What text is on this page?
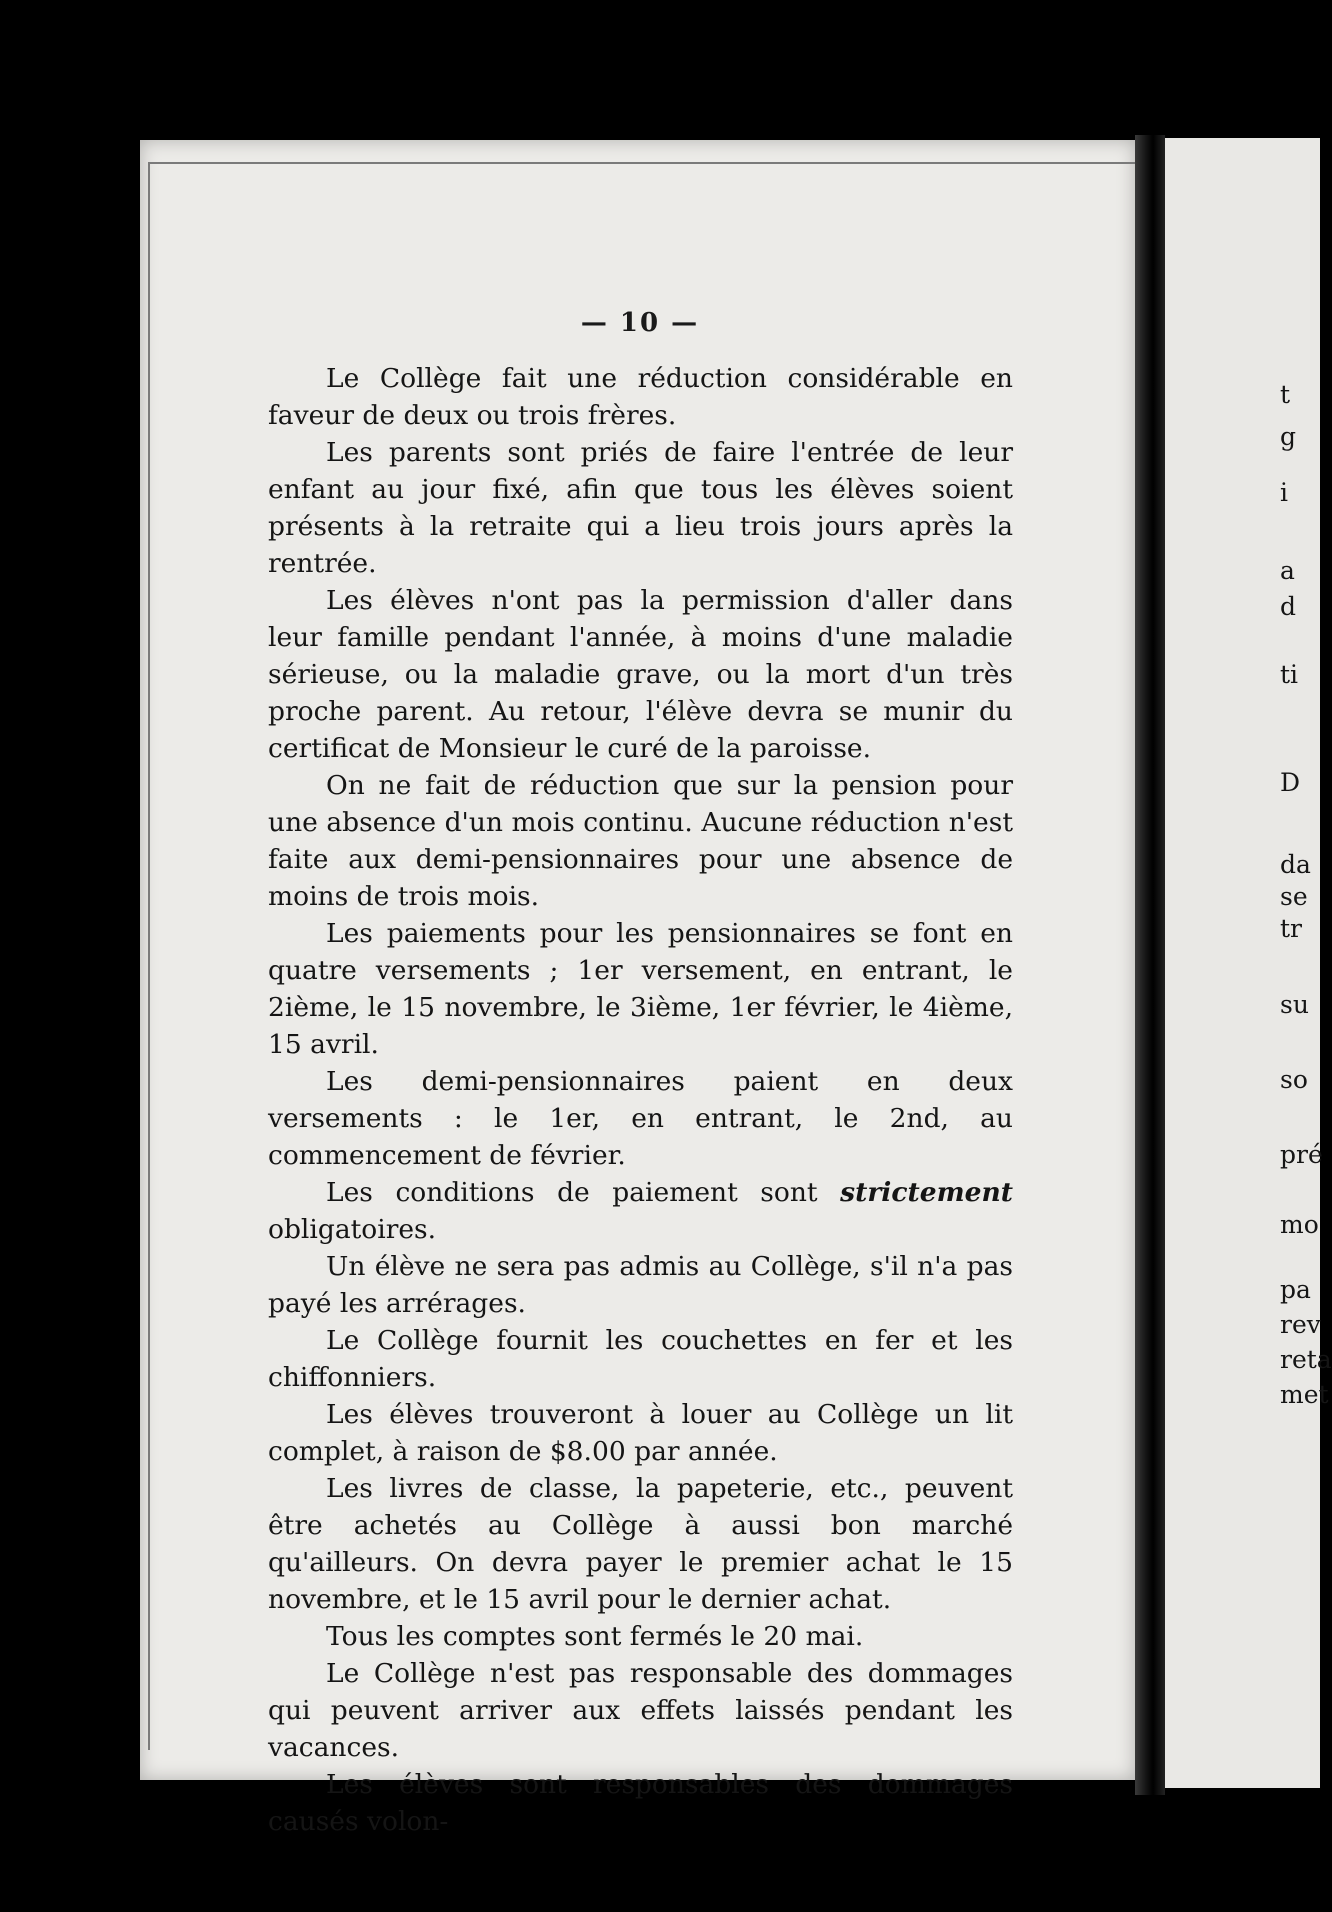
— 10 —

Le Collège fait une réduction considérable en faveur de deux ou trois frères.

Les parents sont priés de faire l'entrée de leur enfant au jour fixé, afin que tous les élèves soient présents à la retraite qui a lieu trois jours après la rentrée.

Les élèves n'ont pas la permission d'aller dans leur famille pendant l'année, à moins d'une maladie sérieuse, ou la maladie grave, ou la mort d'un très proche parent. Au retour, l'élève devra se munir du certificat de Monsieur le curé de la paroisse.

On ne fait de réduction que sur la pension pour une absence d'un mois continu. Aucune réduction n'est faite aux demi-pensionnaires pour une absence de moins de trois mois.

Les paiements pour les pensionnaires se font en quatre versements ; 1er versement, en entrant, le 2ième, le 15 novembre, le 3ième, 1er février, le 4ième, 15 avril.

Les demi-pensionnaires paient en deux versements : le 1er, en entrant, le 2nd, au commencement de février.

Les conditions de paiement sont strictement obligatoires.

Un élève ne sera pas admis au Collège, s'il n'a pas payé les arrérages.

Le Collège fournit les couchettes en fer et les chiffonniers.

Les élèves trouveront à louer au Collège un lit complet, à raison de $8.00 par année.

Les livres de classe, la papeterie, etc., peuvent être achetés au Collège à aussi bon marché qu'ailleurs. On devra payer le premier achat le 15 novembre, et le 15 avril pour le dernier achat.

Tous les comptes sont fermés le 20 mai.

Le Collège n'est pas responsable des dommages qui peuvent arriver aux effets laissés pendant les vacances.

Les élèves sont responsables des dommages causés volon-

t
g
i
a
d
ti
D
da
se
tr
su
so
pré
mo
pa
rev
reta
met
